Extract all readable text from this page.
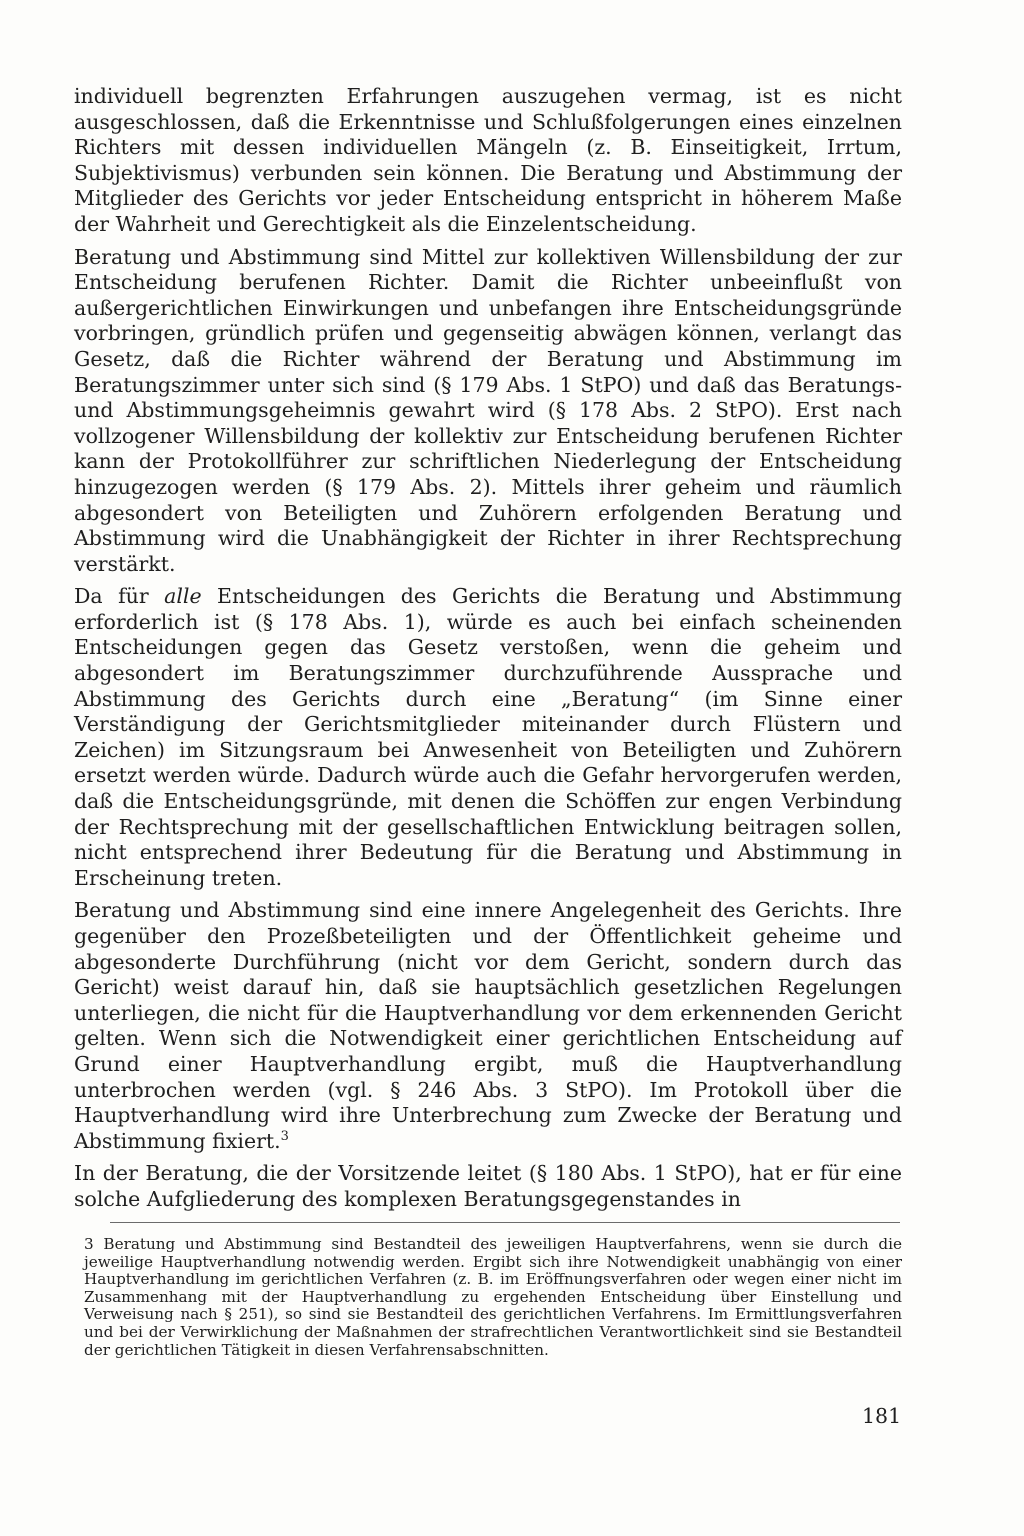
individuell begrenzten Erfahrungen auszugehen vermag, ist es nicht ausgeschlossen, daß die Erkenntnisse und Schlußfolgerungen eines einzelnen Richters mit dessen individuellen Mängeln (z. B. Einseitigkeit, Irrtum, Subjektivismus) verbunden sein können. Die Beratung und Abstimmung der Mitglieder des Gerichts vor jeder Entscheidung entspricht in höherem Maße der Wahrheit und Gerechtigkeit als die Einzelentscheidung.

Beratung und Abstimmung sind Mittel zur kollektiven Willensbildung der zur Entscheidung berufenen Richter. Damit die Richter unbeeinflußt von außergerichtlichen Einwirkungen und unbefangen ihre Entscheidungsgründe vorbringen, gründlich prüfen und gegenseitig abwägen können, verlangt das Gesetz, daß die Richter während der Beratung und Abstimmung im Beratungszimmer unter sich sind (§ 179 Abs. 1 StPO) und daß das Beratungs- und Abstimmungsgeheimnis gewahrt wird (§ 178 Abs. 2 StPO). Erst nach vollzogener Willensbildung der kollektiv zur Entscheidung berufenen Richter kann der Protokollführer zur schriftlichen Niederlegung der Entscheidung hinzugezogen werden (§ 179 Abs. 2). Mittels ihrer geheim und räumlich abgesondert von Beteiligten und Zuhörern erfolgenden Beratung und Abstimmung wird die Unabhängigkeit der Richter in ihrer Rechtsprechung verstärkt.

Da für alle Entscheidungen des Gerichts die Beratung und Abstimmung erforderlich ist (§ 178 Abs. 1), würde es auch bei einfach scheinenden Entscheidungen gegen das Gesetz verstoßen, wenn die geheim und abgesondert im Beratungszimmer durchzuführende Aussprache und Abstimmung des Gerichts durch eine „Beratung“ (im Sinne einer Verständigung der Gerichtsmitglieder miteinander durch Flüstern und Zeichen) im Sitzungsraum bei Anwesenheit von Beteiligten und Zuhörern ersetzt werden würde. Dadurch würde auch die Gefahr hervorgerufen werden, daß die Entscheidungsgründe, mit denen die Schöffen zur engen Verbindung der Rechtsprechung mit der gesellschaftlichen Entwicklung beitragen sollen, nicht entsprechend ihrer Bedeutung für die Beratung und Abstimmung in Erscheinung treten.

Beratung und Abstimmung sind eine innere Angelegenheit des Gerichts. Ihre gegenüber den Prozeßbeteiligten und der Öffentlichkeit geheime und abgesonderte Durchführung (nicht vor dem Gericht, sondern durch das Gericht) weist darauf hin, daß sie hauptsächlich gesetzlichen Regelungen unterliegen, die nicht für die Hauptverhandlung vor dem erkennenden Gericht gelten. Wenn sich die Notwendigkeit einer gerichtlichen Entscheidung auf Grund einer Hauptverhandlung ergibt, muß die Hauptverhandlung unterbrochen werden (vgl. § 246 Abs. 3 StPO). Im Protokoll über die Hauptverhandlung wird ihre Unterbrechung zum Zwecke der Beratung und Abstimmung fixiert.$^3$

In der Beratung, die der Vorsitzende leitet (§ 180 Abs. 1 StPO), hat er für eine solche Aufgliederung des komplexen Beratungsgegenstandes in

3 Beratung und Abstimmung sind Bestandteil des jeweiligen Hauptverfahrens, wenn sie durch die jeweilige Hauptverhandlung notwendig werden. Ergibt sich ihre Notwendigkeit unabhängig von einer Hauptverhandlung im gerichtlichen Verfahren (z. B. im Eröffnungsverfahren oder wegen einer nicht im Zusammenhang mit der Hauptverhandlung zu ergehenden Entscheidung über Einstellung und Verweisung nach § 251), so sind sie Bestandteil des gerichtlichen Verfahrens. Im Ermittlungsverfahren und bei der Verwirklichung der Maßnahmen der strafrechtlichen Verantwortlichkeit sind sie Bestandteil der gerichtlichen Tätigkeit in diesen Verfahrensabschnitten.

181
